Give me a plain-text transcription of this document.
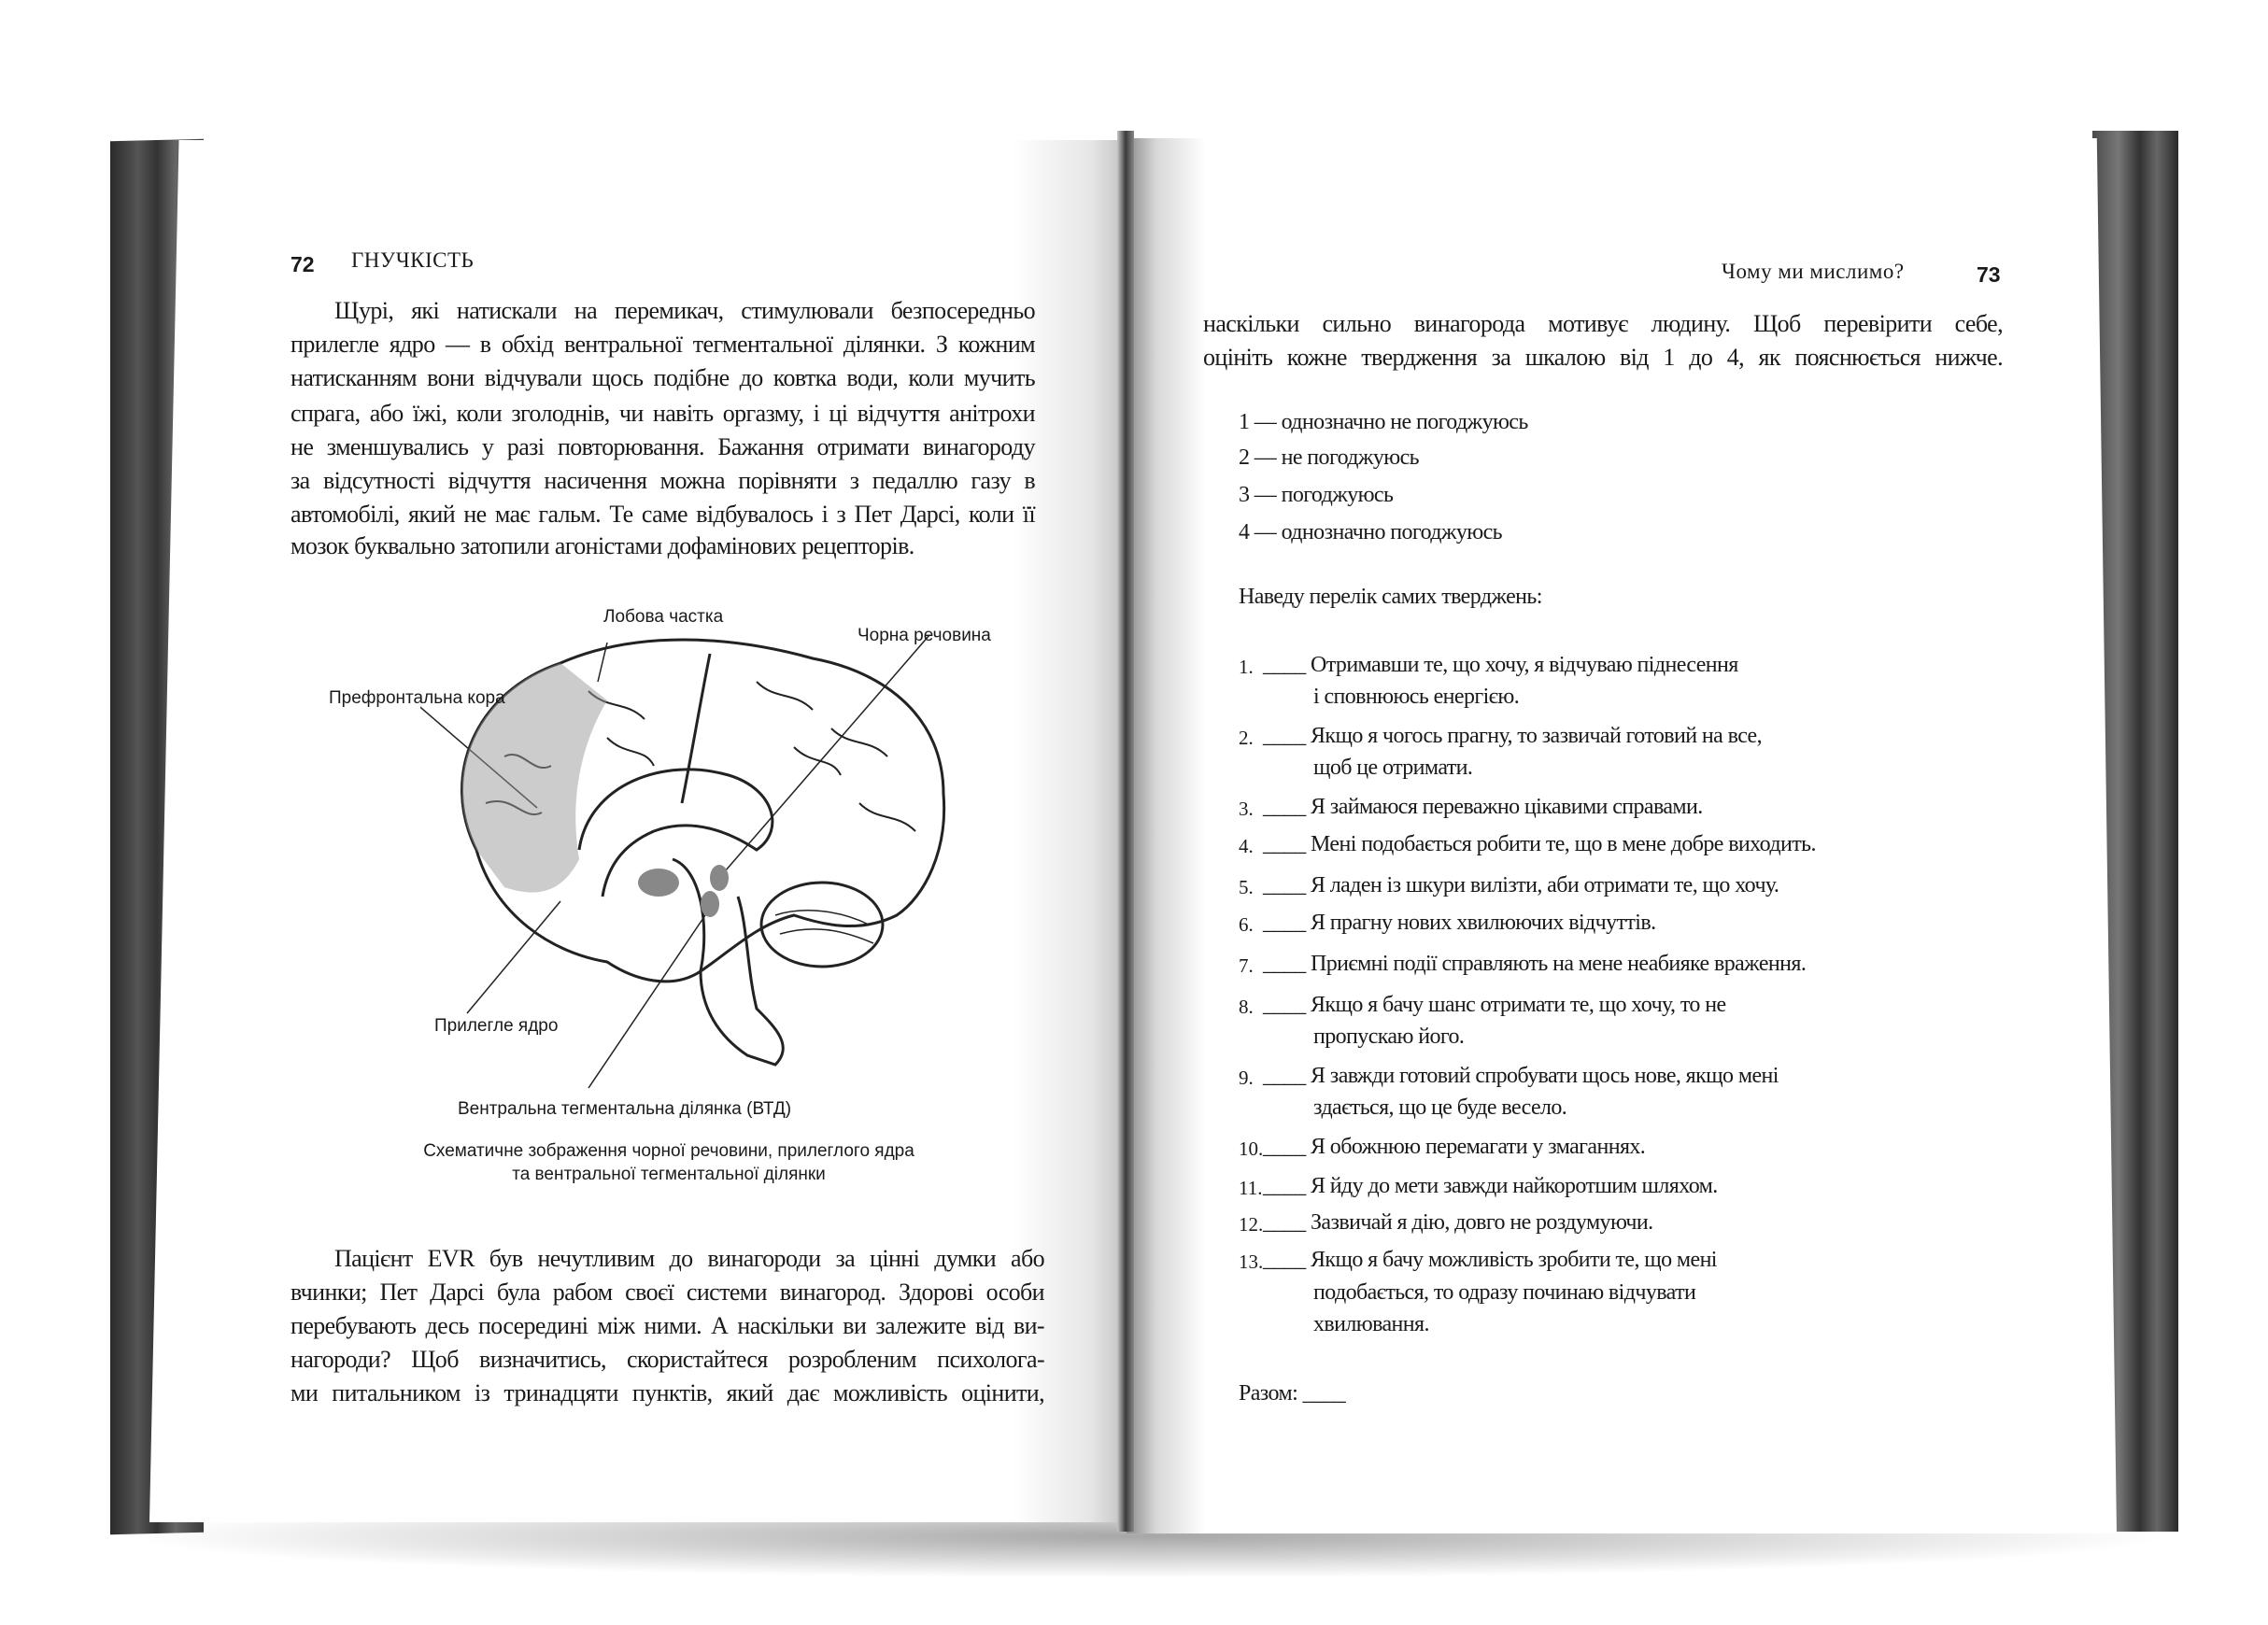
72 ГНУЧКІСТЬ
Щурі, які натискали на перемикач, стимулювали безпосередньо
прилегле ядро — в обхід вентральної тегментальної ділянки. З кожним
натисканням вони відчували щось подібне до ковтка води, коли мучить
спрага, або їжі, коли зголоднів, чи навіть оргазму, і ці відчуття анітрохи
не зменшувались у разі повторювання. Бажання отримати винагороду
за відсутності відчуття насичення можна порівняти з педаллю газу в
автомобілі, який не має гальм. Те саме відбувалось і з Пет Дарсі, коли її
мозок буквально затопили агоністами дофамінових рецепторів.
Лобова частка
Чорна речовина
Префронтальна кора
Прилегле ядро
Вентральна тегментальна ділянка (ВТД)
Схематичне зображення чорної речовини, прилеглого ядра
та вентральної тегментальної ділянки
Пацієнт EVR був нечутливим до винагороди за цінні думки або
вчинки; Пет Дарсі була рабом своєї системи винагород. Здорові особи
перебувають десь посередині між ними. А наскільки ви залежите від ви-
нагороди? Щоб визначитись, скористайтеся розробленим психолога-
ми питальником із тринадцяти пунктів, який дає можливість оцінити,
Чому ми мислимо?	73
наскільки сильно винагорода мотивує людину. Щоб перевірити себе,
оцініть кожне твердження за шкалою від 1 до 4, як пояснюється нижче.
1 — однозначно не погоджуюсь
2 — не погоджуюсь
3 — погоджуюсь
4 — однозначно погоджуюсь
Наведу перелік самих тверджень:
1. ____ Отримавши те, що хочу, я відчуваю піднесення
і сповнююсь енергією.
2. ____ Якщо я чогось прагну, то зазвичай готовий на все,
щоб це отримати.
3. ____ Я займаюся переважно цікавими справами.
4. ____ Мені подобається робити те, що в мене добре виходить.
5. ____ Я ладен із шкури вилізти, аби отримати те, що хочу.
6. ____ Я прагну нових хвилюючих відчуттів.
7. ____ Приємні події справляють на мене неабияке враження.
8. ____ Якщо я бачу шанс отримати те, що хочу, то не
пропускаю його.
9. ____ Я завжди готовий спробувати щось нове, якщо мені
здається, що це буде весело.
10. ____ Я обожнюю перемагати у змаганнях.
11. ____ Я йду до мети завжди найкоротшим шляхом.
12. ____ Зазвичай я дію, довго не роздумуючи.
13. ____ Якщо я бачу можливість зробити те, що мені
подобається, то одразу починаю відчувати
хвилювання.
Разом: ____
